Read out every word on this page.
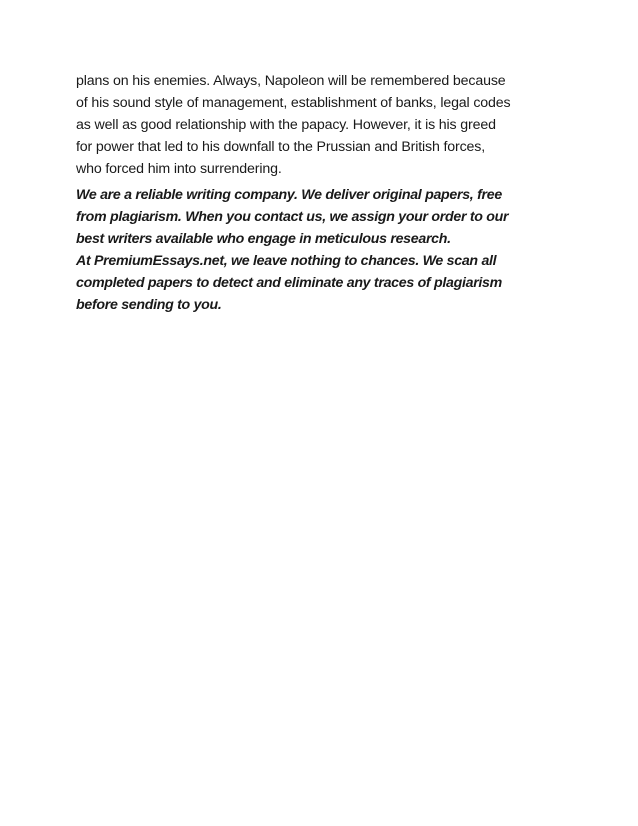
plans on his enemies. Always, Napoleon will be remembered because
of his sound style of management, establishment of banks, legal codes
as well as good relationship with the papacy. However, it is his greed
for power that led to his downfall to the Prussian and British forces,
who forced him into surrendering.
We are a reliable writing company. We deliver original papers, free
from plagiarism. When you contact us, we assign your order to our
best writers available who engage in meticulous research.
At PremiumEssays.net, we leave nothing to chances. We scan all
completed papers to detect and eliminate any traces of plagiarism
before sending to you.
